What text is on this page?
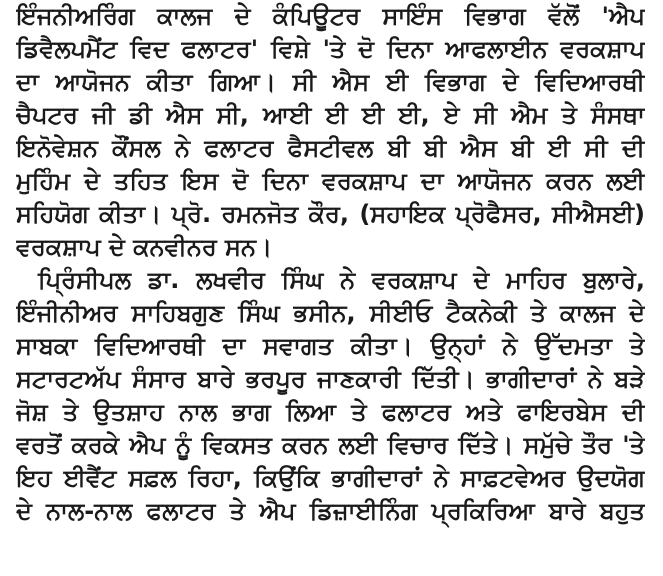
ਇੰਜਨੀਅਰਿੰਗ ਕਾਲਜ ਦੇ ਕੰਪਿਊਟਰ ਸਾਇੰਸ ਵਿਭਾਗ ਵੱਲੋਂ 'ਐਪ
ਡਿਵੈਲਪਮੈਂਟ ਵਿਦ ਫਲਾਟਰ' ਵਿਸ਼ੇ 'ਤੇ ਦੋ ਦਿਨਾ ਆਫਲਾਈਨ ਵਰਕਸ਼ਾਪ
ਦਾ ਆਯੋਜਨ ਕੀਤਾ ਗਿਆ। ਸੀ ਐਸ ਈ ਵਿਭਾਗ ਦੇ ਵਿਦਿਆਰਥੀ
ਚੈਪਟਰ ਜੀ ਡੀ ਐਸ ਸੀ, ਆਈ ਈ ਈ ਈ, ਏ ਸੀ ਐਮ ਤੇ ਸੰਸਥਾ
ਇਨੋਵੇਸ਼ਨ ਕੌਂਸਲ ਨੇ ਫਲਾਟਰ ਫੈਸਟੀਵਲ ਬੀ ਬੀ ਐਸ ਬੀ ਈ ਸੀ ਦੀ
ਮੁਹਿੰਮ ਦੇ ਤਹਿਤ ਇਸ ਦੋ ਦਿਨਾ ਵਰਕਸ਼ਾਪ ਦਾ ਆਯੋਜਨ ਕਰਨ ਲਈ
ਸਹਿਯੋਗ ਕੀਤਾ। ਪ੍ਰੋ. ਰਮਨਜੋਤ ਕੌਰ, (ਸਹਾਇਕ ਪ੍ਰੋਫੈਸਰ, ਸੀਐਸਈ)
ਵਰਕਸ਼ਾਪ ਦੇ ਕਨਵੀਨਰ ਸਨ।
ਪ੍ਰਿੰਸੀਪਲ ਡਾ. ਲਖਵੀਰ ਸਿੰਘ ਨੇ ਵਰਕਸ਼ਾਪ ਦੇ ਮਾਹਿਰ ਬੁਲਾਰੇ,
ਇੰਜੀਨੀਅਰ ਸਾਹਿਬਗੁਣ ਸਿੰਘ ਭਸੀਨ, ਸੀਈਓ ਟੈਕਨੇਕੀ ਤੇ ਕਾਲਜ ਦੇ
ਸਾਬਕਾ ਵਿਦਿਆਰਥੀ ਦਾ ਸਵਾਗਤ ਕੀਤਾ। ਉਨ੍ਹਾਂ ਨੇ ਉੱਦਮਤਾ ਤੇ
ਸਟਾਰਟਅੱਪ ਸੰਸਾਰ ਬਾਰੇ ਭਰਪੂਰ ਜਾਣਕਾਰੀ ਦਿੱਤੀ। ਭਾਗੀਦਾਰਾਂ ਨੇ ਬੜੇ
ਜੋਸ਼ ਤੇ ਉਤਸ਼ਾਹ ਨਾਲ ਭਾਗ ਲਿਆ ਤੇ ਫਲਾਟਰ ਅਤੇ ਫਾਇਰਬੇਸ ਦੀ
ਵਰਤੋਂ ਕਰਕੇ ਐਪ ਨੂੰ ਵਿਕਸਤ ਕਰਨ ਲਈ ਵਿਚਾਰ ਦਿੱਤੇ। ਸਮੁੱਚੇ ਤੌਰ 'ਤੇ
ਇਹ ਈਵੈਂਟ ਸਫ਼ਲ ਰਿਹਾ, ਕਿਉਂਕਿ ਭਾਗੀਦਾਰਾਂ ਨੇ ਸਾਫ਼ਟਵੇਅਰ ਉਦਯੋਗ
ਦੇ ਨਾਲ-ਨਾਲ ਫਲਾਟਰ ਤੇ ਐਪ ਡਿਜ਼ਾਈਨਿੰਗ ਪ੍ਰਕਿਰਿਆ ਬਾਰੇ ਬਹੁਤ
